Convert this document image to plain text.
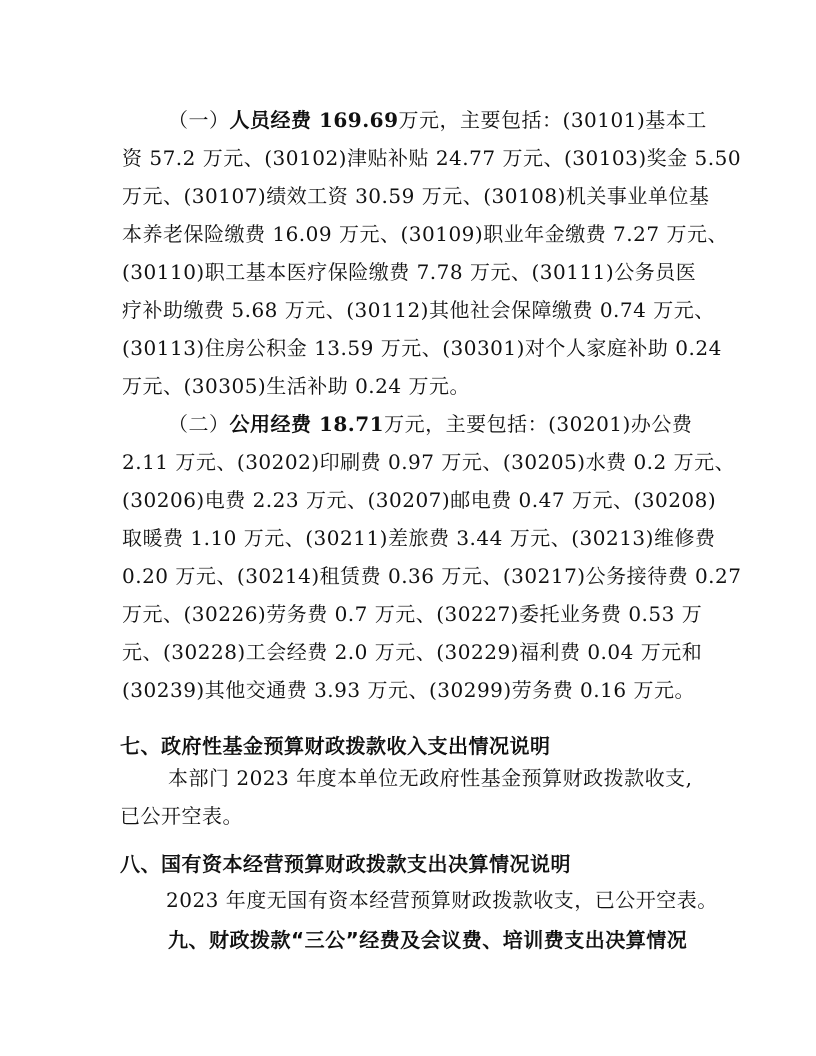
（一）人员经费 169.69万元，主要包括：(30101)基本工
资 57.2 万元、(30102)津贴补贴 24.77 万元、(30103)奖金 5.50
万元、(30107)绩效工资 30.59 万元、(30108)机关事业单位基
本养老保险缴费 16.09 万元、(30109)职业年金缴费 7.27 万元、
(30110)职工基本医疗保险缴费 7.78 万元、(30111)公务员医
疗补助缴费 5.68 万元、(30112)其他社会保障缴费 0.74 万元、
(30113)住房公积金 13.59 万元、(30301)对个人家庭补助 0.24
万元、(30305)生活补助 0.24 万元。
（二）公用经费 18.71万元，主要包括：(30201)办公费
2.11 万元、(30202)印刷费 0.97 万元、(30205)水费 0.2 万元、
(30206)电费 2.23 万元、(30207)邮电费 0.47 万元、(30208)
取暖费 1.10 万元、(30211)差旅费 3.44 万元、(30213)维修费
0.20 万元、(30214)租赁费 0.36 万元、(30217)公务接待费 0.27
万元、(30226)劳务费 0.7 万元、(30227)委托业务费 0.53 万
元、(30228)工会经费 2.0 万元、(30229)福利费 0.04 万元和
(30239)其他交通费 3.93 万元、(30299)劳务费 0.16 万元。
七、政府性基金预算财政拨款收入支出情况说明
本部门 2023 年度本单位无政府性基金预算财政拨款收支,
已公开空表。
八、国有资本经营预算财政拨款支出决算情况说明
2023 年度无国有资本经营预算财政拨款收支，已公开空表。
九、财政拨款“三公”经费及会议费、培训费支出决算情况
